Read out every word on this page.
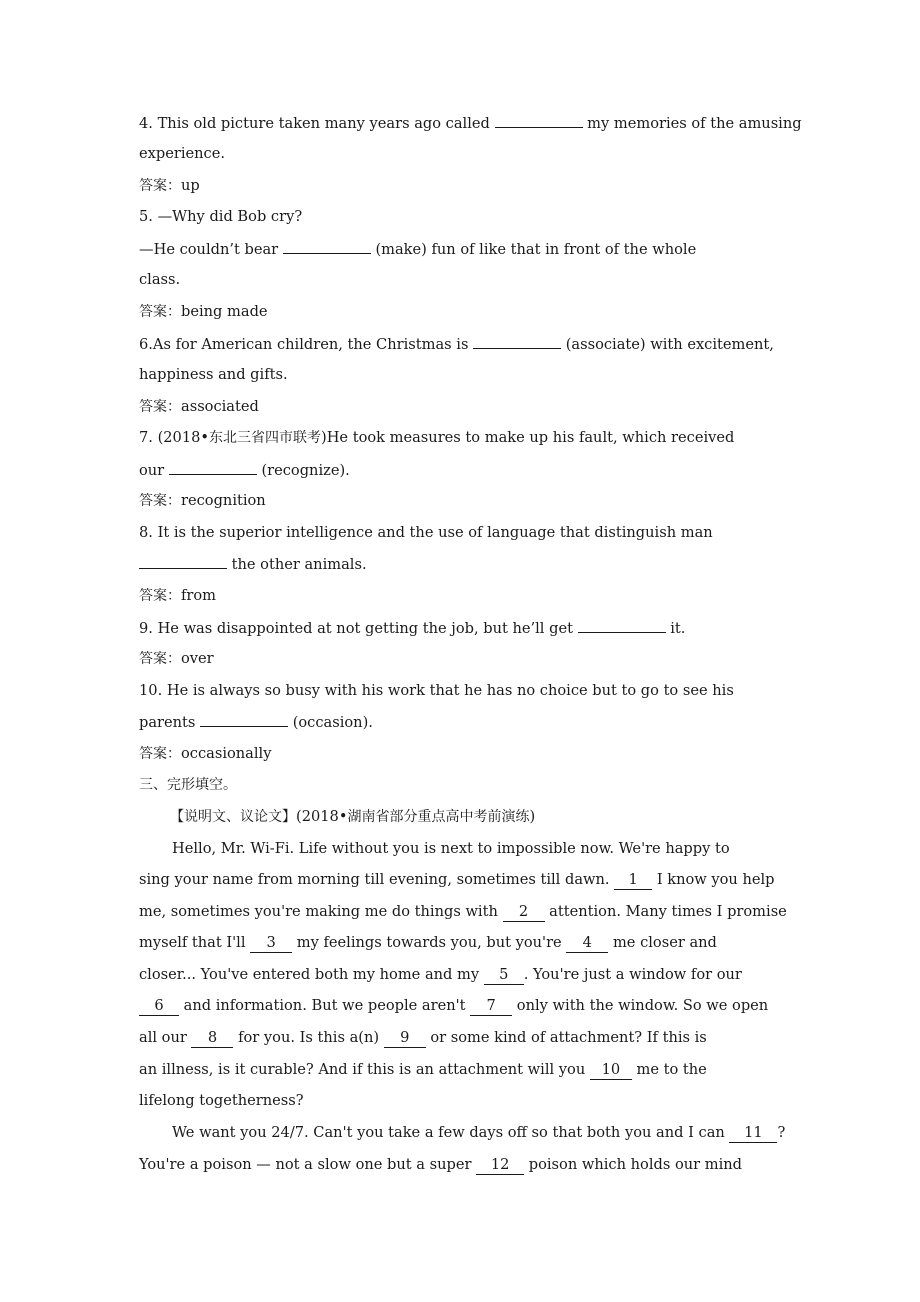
4. This old picture taken many years ago called	my memories of the amusing
experience.
答案：up
5. —Why did Bob cry?
—He couldn’t bear	(make) fun of like that in front of the whole
class.
答案：being made
6.As for American children, the Christmas is	(associate) with excitement,
happiness and gifts.
答案：associated
7. (2018•东北三省四市联考)He took measures to make up his fault, which received
our	(recognize).
答案：recognition
8. It is the superior intelligence and the use of language that distinguish man
the other animals.
答案：from
9. He was disappointed at not getting the job, but he’ll get	it.
答案：over
10. He is always so busy with his work that he has no choice but to go to see his
parents	(occasion).
答案：occasionally
三、完形填空。
【说明文、议论文】(2018•湖南省部分重点高中考前演练)
Hello, Mr. Wi-Fi. Life without you is next to impossible now. We're happy to
sing your name from morning till evening, sometimes till dawn. 1 I know you help
me, sometimes you're making me do things with 2 attention. Many times I promise
myself that I'll 3 my feelings towards you, but you're 4 me closer and
closer... You've entered both my home and my 5 . You're just a window for our
6 and information. But we people aren't 7 only with the window. So we open
all our 8 for you. Is this a(n) 9 or some kind of attachment? If this is
an illness, is it curable? And if this is an attachment will you 10 me to the
lifelong togetherness?
We want you 24/7. Can't you take a few days off so that both you and I can 11 ?
You're a poison — not a slow one but a super 12 poison which holds our mind
